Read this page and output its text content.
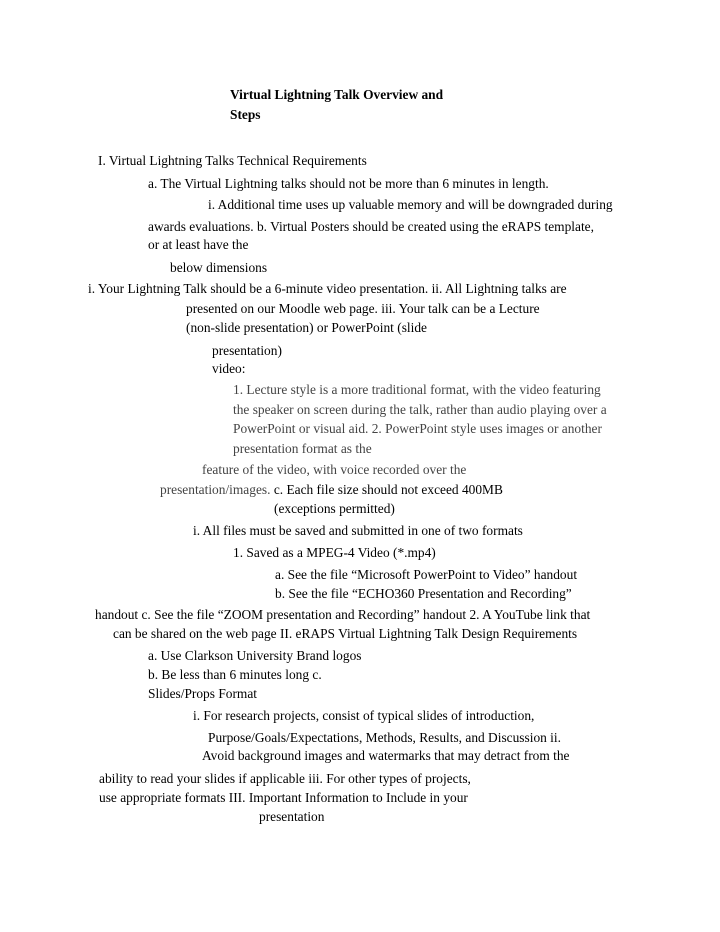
Virtual Lightning Talk Overview and
Steps
I. Virtual Lightning Talks Technical Requirements
a. The Virtual Lightning talks should not be more than 6 minutes in length.
i. Additional time uses up valuable memory and will be downgraded during
awards evaluations. b. Virtual Posters should be created using the eRAPS template,
or at least have the
below dimensions
i. Your Lightning Talk should be a 6-minute video presentation. ii. All Lightning talks are
presented on our Moodle web page. iii. Your talk can be a Lecture
(non-slide presentation) or PowerPoint (slide
presentation)
video:
1. Lecture style is a more traditional format, with the video featuring
the speaker on screen during the talk, rather than audio playing over a
PowerPoint or visual aid. 2. PowerPoint style uses images or another
presentation format as the
feature of the video, with voice recorded over the
presentation/images. c. Each file size should not exceed 400MB
(exceptions permitted)
i. All files must be saved and submitted in one of two formats
1. Saved as a MPEG-4 Video (*.mp4)
a. See the file “Microsoft PowerPoint to Video” handout
b. See the file “ECHO360 Presentation and Recording”
handout c. See the file “ZOOM presentation and Recording” handout 2. A YouTube link that
can be shared on the web page II. eRAPS Virtual Lightning Talk Design Requirements
a. Use Clarkson University Brand logos
b. Be less than 6 minutes long c.
Slides/Props Format
i. For research projects, consist of typical slides of introduction,
Purpose/Goals/Expectations, Methods, Results, and Discussion ii.
Avoid background images and watermarks that may detract from the
ability to read your slides if applicable iii. For other types of projects,
use appropriate formats III. Important Information to Include in your
presentation
